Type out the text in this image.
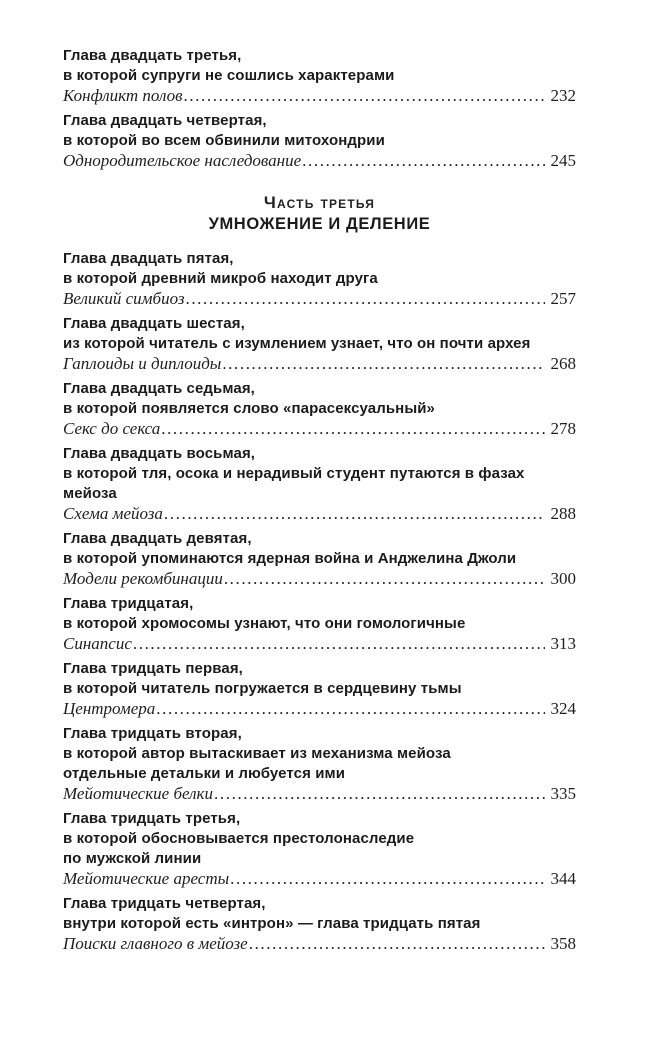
Глава двадцать третья,
в которой супруги не сошлись характерами
Конфликт полов .....	232
Глава двадцать четвертая,
в которой во всем обвинили митохондрии
Однородительское наследование .....	245
Часть третья
УМНОЖЕНИЕ И ДЕЛЕНИЕ
Глава двадцать пятая,
в которой древний микроб находит друга
Великий симбиоз .....	257
Глава двадцать шестая,
из которой читатель с изумлением узнает, что он почти архея
Гаплоиды и диплоиды .....	268
Глава двадцать седьмая,
в которой появляется слово «парасексуальный»
Секс до секса .....	278
Глава двадцать восьмая,
в которой тля, осока и нерадивый студент путаются в фазах
мейоза
Схема мейоза .....	288
Глава двадцать девятая,
в которой упоминаются ядерная война и Анджелина Джоли
Модели рекомбинации .....	300
Глава тридцатая,
в которой хромосомы узнают, что они гомологичные
Синапсис .....	313
Глава тридцать первая,
в которой читатель погружается в сердцевину тьмы
Центромера .....	324
Глава тридцать вторая,
в которой автор вытаскивает из механизма мейоза
отдельные детальки и любуется ими
Мейотические белки .....	335
Глава тридцать третья,
в которой обосновывается престолонаследие
по мужской линии
Мейотические аресты .....	344
Глава тридцать четвертая,
внутри которой есть «интрон» — глава тридцать пятая
Поиски главного в мейозе .....	358
